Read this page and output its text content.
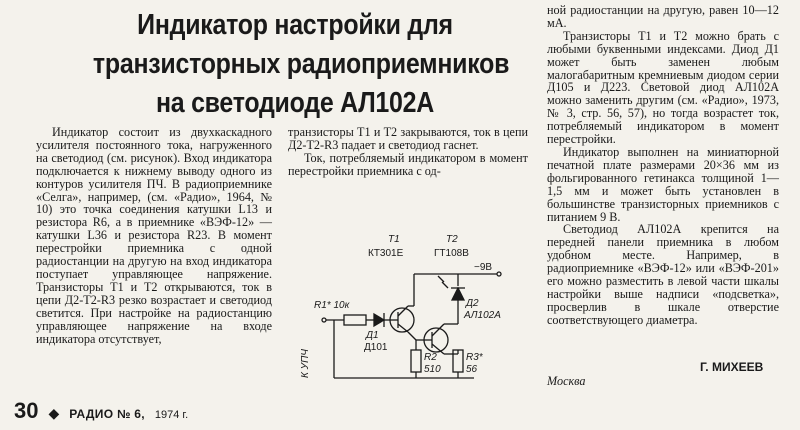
Индикатор настройки для
транзисторных радиоприемников
на светодиоде АЛ102А

Индикатор состоит из двухкаскадного усилителя постоянного тока, нагруженного на светодиод (см. рисунок). Вход индикатора подключается к нижнему выводу одного из контуров усилителя ПЧ. В радиоприемнике «Селга», например, (см. «Радио», 1964, № 10) это точка соединения катушки L13 и резистора R6, а в приемнике «ВЭФ-12» — катушки L36 и резистора R23. В момент перестройки приемника с одной радиостанции на другую на вход индикатора поступает управляющее напряжение. Транзисторы Т1 и Т2 открываются, ток в цепи Д2-Т2-R3 резко возрастает и светодиод светится. При настройке на радиостанцию управляющее напряжение на входе индикатора отсутствует,

транзисторы Т1 и Т2 закрываются, ток в цепи Д2-Т2-R3 падает и светодиод гаснет.

Ток, потребляемый индикатором в момент перестройки приемника с од-

Т1
КТ301Е
Т2
ГТ108В
−9В
R1* 10к
Д1
Д101
Д2
АЛ102А
R2
510
R3*
56
К УПЧ

ной радиостанции на другую, равен 10—12 мА.

Транзисторы Т1 и Т2 можно брать с любыми буквенными индексами. Диод Д1 может быть заменен любым малогабаритным кремниевым диодом серии Д105 и Д223. Световой диод АЛ102А можно заменить другим (см. «Радио», 1973, № 3, стр. 56, 57), но тогда возрастет ток, потребляемый индикатором в момент перестройки.

Индикатор выполнен на миниатюрной печатной плате размерами 20×36 мм из фольгированного гетинакса толщиной 1—1,5 мм и может быть установлен в большинстве транзисторных приемников с питанием 9 В.

Светодиод АЛ102А крепится на передней панели приемника в любом удобном месте. Например, в радиоприемнике «ВЭФ-12» или «ВЭФ-201» его можно разместить в левой части шкалы настройки выше надписи «подсветка», просверлив в шкале отверстие соответствующего диаметра.

Г. МИХЕЕВ
Москва
30 ◆ РАДИО № 6, 1974 г.
